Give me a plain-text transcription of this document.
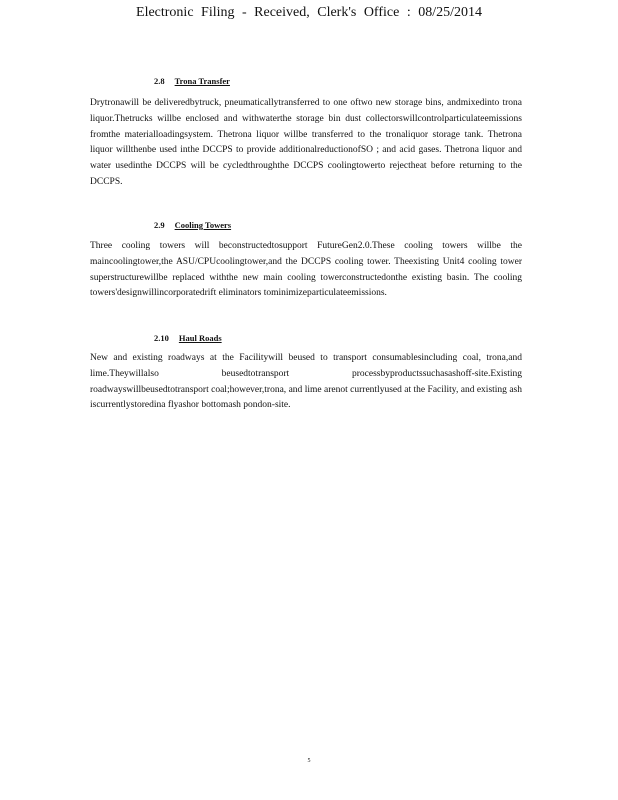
Electronic Filing - Received, Clerk's Office : 08/25/2014
2.8 Trona Transfer
Drytronawill be deliveredbytruck, pneumaticallytransferred to one oftwo new storage bins, andmixedinto trona liquor.Thetrucks willbe enclosed and withwaterthe storage bin dust collectorswillcontrolparticulateemissions fromthe materialloadingsystem. Thetrona liquor willbe transferred to the tronaliquor storage tank. Thetrona liquor willthenbe used inthe DCCPS to provide additionalreductionofSO ; and acid gases. Thetrona liquor and water usedinthe DCCPS will be cycledthroughthe DCCPS coolingtowerto rejectheat before returning to the DCCPS.
2.9 Cooling Towers
Three cooling towers will beconstructedtosupport FutureGen2.0.These cooling towers willbe the maincoolingtower,the ASU/CPUcoolingtower,and the DCCPS cooling tower. Theexisting Unit4 cooling tower superstructurewillbe replaced withthe new main cooling towerconstructedonthe existing basin. The cooling towers'designwillincorporatedrift eliminators tominimizeparticulateemissions.
2.10 Haul Roads
New and existing roadways at the Facilitywill beused to transport consumablesincluding coal, trona,and lime.Theywillalso beusedtotransport processbyproductssuchasashoff-site.Existing roadwayswillbeusedtotransport coal;however,trona, and lime arenot currentlyused at the Facility, and existing ash iscurrentlystoredina flyashor bottomash pondon-site.
5
